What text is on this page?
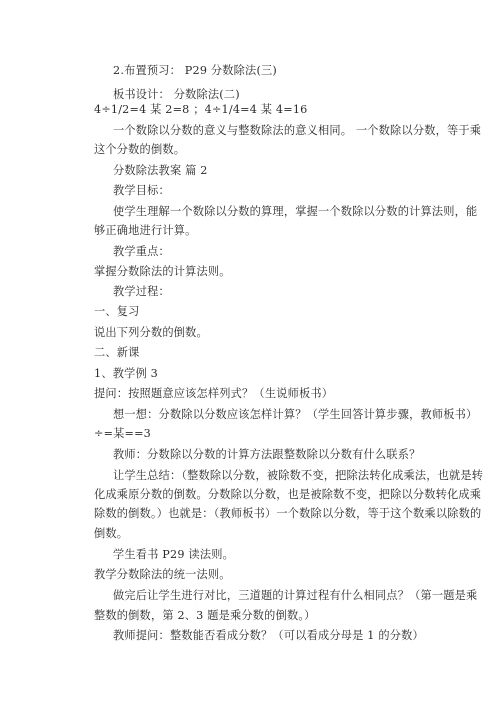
2.布置预习： P29 分数除法(三)
板书设计： 分数除法(二)
4÷1/2=4 某 2=8 ；4÷1/4=4 某 4=16
一个数除以分数的意义与整数除法的意义相同。 一个数除以分数，等于乘
这个分数的倒数。
分数除法教案 篇 2
教学目标：
使学生理解一个数除以分数的算理，掌握一个数除以分数的计算法则，能
够正确地进行计算。
教学重点：
掌握分数除法的计算法则。
教学过程：
一、复习
说出下列分数的倒数。
二、新课
1、教学例 3
提问：按照题意应该怎样列式？（生说师板书）
想一想：分数除以分数应该怎样计算？（学生回答计算步骤，教师板书）
÷=某==3
教师：分数除以分数的计算方法跟整数除以分数有什么联系？
让学生总结：（整数除以分数，被除数不变，把除法转化成乘法，也就是转
化成乘原分数的倒数。分数除以分数，也是被除数不变，把除以分数转化成乘
除数的倒数。）也就是：（教师板书）一个数除以分数，等于这个数乘以除数的
倒数。
学生看书 P29 读法则。
教学分数除法的统一法则。
做完后让学生进行对比，三道题的计算过程有什么相同点？（第一题是乘
整数的倒数，第 2、3 题是乘分数的倒数。）
教师提问：整数能否看成分数？（可以看成分母是 1 的分数）
